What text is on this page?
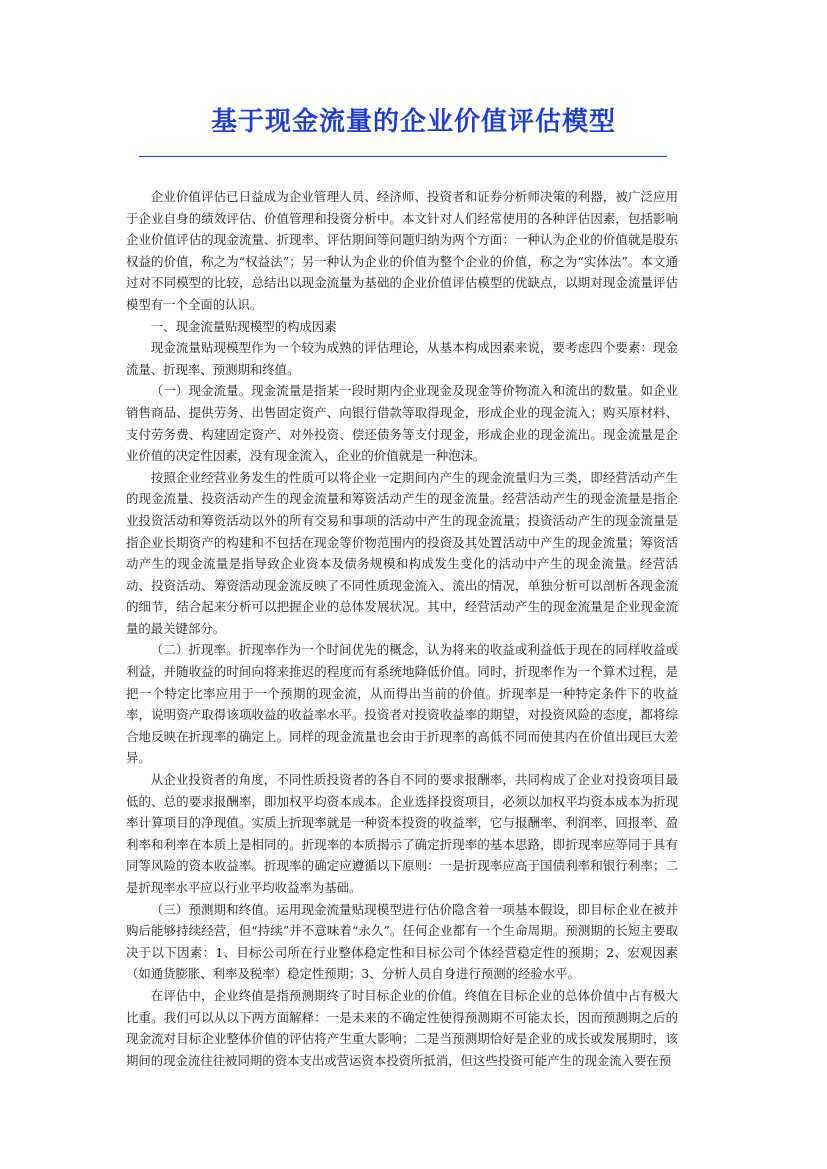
基于现金流量的企业价值评估模型

企业价值评估已日益成为企业管理人员、经济师、投资者和证券分析师决策的利器，被广泛应用于企业自身的绩效评估、价值管理和投资分析中。本文针对人们经常使用的各种评估因素，包括影响企业价值评估的现金流量、折现率、评估期间等问题归纳为两个方面：一种认为企业的价值就是股东权益的价值，称之为“权益法”；另一种认为企业的价值为整个企业的价值，称之为“实体法”。本文通过对不同模型的比较，总结出以现金流量为基础的企业价值评估模型的优缺点，以期对现金流量评估模型有一个全面的认识。

一、现金流量贴现模型的构成因素

现金流量贴现模型作为一个较为成熟的评估理论，从基本构成因素来说，要考虑四个要素：现金流量、折现率、预测期和终值。

（一）现金流量。现金流量是指某一段时期内企业现金及现金等价物流入和流出的数量。如企业销售商品、提供劳务、出售固定资产、向银行借款等取得现金，形成企业的现金流入；购买原材料、支付劳务费、构建固定资产、对外投资、偿还债务等支付现金，形成企业的现金流出。现金流量是企业价值的决定性因素，没有现金流入，企业的价值就是一种泡沫。

按照企业经营业务发生的性质可以将企业一定期间内产生的现金流量归为三类，即经营活动产生的现金流量、投资活动产生的现金流量和筹资活动产生的现金流量。经营活动产生的现金流量是指企业投资活动和筹资活动以外的所有交易和事项的活动中产生的现金流量；投资活动产生的现金流量是指企业长期资产的构建和不包括在现金等价物范围内的投资及其处置活动中产生的现金流量；筹资活动产生的现金流量是指导致企业资本及债务规模和构成发生变化的活动中产生的现金流量。经营活动、投资活动、筹资活动现金流反映了不同性质现金流入、流出的情况，单独分析可以剖析各现金流的细节，结合起来分析可以把握企业的总体发展状况。其中，经营活动产生的现金流量是企业现金流量的最关键部分。

（二）折现率。折现率作为一个时间优先的概念，认为将来的收益或利益低于现在的同样收益或利益，并随收益的时间向将来推迟的程度而有系统地降低价值。同时，折现率作为一个算术过程，是把一个特定比率应用于一个预期的现金流，从而得出当前的价值。折现率是一种特定条件下的收益率，说明资产取得该项收益的收益率水平。投资者对投资收益率的期望，对投资风险的态度，都将综合地反映在折现率的确定上。同样的现金流量也会由于折现率的高低不同而使其内在价值出现巨大差异。

从企业投资者的角度，不同性质投资者的各自不同的要求报酬率，共同构成了企业对投资项目最低的、总的要求报酬率，即加权平均资本成本。企业选择投资项目，必须以加权平均资本成本为折现率计算项目的净现值。实质上折现率就是一种资本投资的收益率，它与报酬率、利润率、回报率、盈利率和利率在本质上是相同的。折现率的本质揭示了确定折现率的基本思路，即折现率应等同于具有同等风险的资本收益率。折现率的确定应遵循以下原则：一是折现率应高于国债利率和银行利率；二是折现率水平应以行业平均收益率为基础。

（三）预测期和终值。运用现金流量贴现模型进行估价隐含着一项基本假设，即目标企业在被并购后能够持续经营，但“持续”并不意味着“永久”。任何企业都有一个生命周期。预测期的长短主要取决于以下因素：1、目标公司所在行业整体稳定性和目标公司个体经营稳定性的预期；2、宏观因素（如通货膨胀、利率及税率）稳定性预期；3、分析人员自身进行预测的经验水平。

在评估中，企业终值是指预测期终了时目标企业的价值。终值在目标企业的总体价值中占有极大比重。我们可以从以下两方面解释：一是未来的不确定性使得预测期不可能太长，因而预测期之后的现金流对目标企业整体价值的评估将产生重大影响；二是当预测期恰好是企业的成长或发展期时，该期间的现金流往往被同期的资本支出或营运资本投资所抵消，但这些投资可能产生的现金流入要在预
